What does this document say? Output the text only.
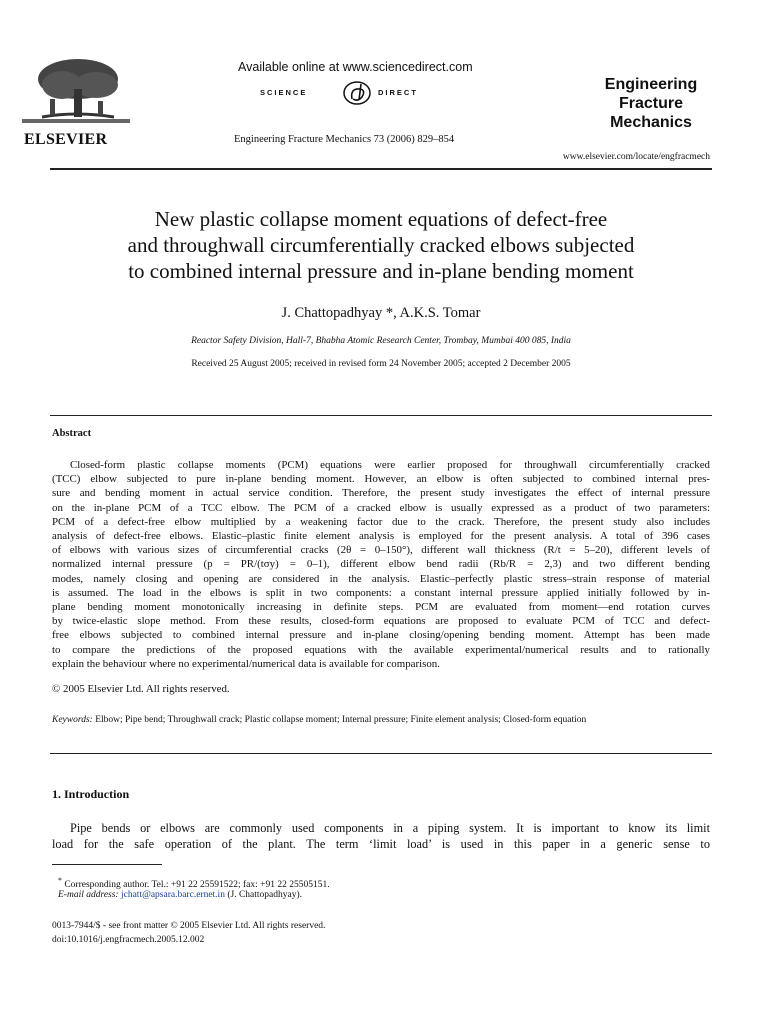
ELSEVIER
Available online at www.sciencedirect.com
SCIENCE	DIRECT
Engineering Fracture Mechanics 73 (2006) 829–854
Engineering
Fracture
Mechanics
www.elsevier.com/locate/engfracmech
New plastic collapse moment equations of defect-free
and throughwall circumferentially cracked elbows subjected
to combined internal pressure and in-plane bending moment
J. Chattopadhyay *, A.K.S. Tomar
Reactor Safety Division, Hall-7, Bhabha Atomic Research Center, Trombay, Mumbai 400 085, India
Received 25 August 2005; received in revised form 24 November 2005; accepted 2 December 2005
Abstract
Closed-form plastic collapse moments (PCM) equations were earlier proposed for throughwall circumferentially cracked
(TCC) elbow subjected to pure in-plane bending moment. However, an elbow is often subjected to combined internal pres-
sure and bending moment in actual service condition. Therefore, the present study investigates the effect of internal pressure
on the in-plane PCM of a TCC elbow. The PCM of a cracked elbow is usually expressed as a product of two parameters:
PCM of a defect-free elbow multiplied by a weakening factor due to the crack. Therefore, the present study also includes
analysis of defect-free elbows. Elastic–plastic finite element analysis is employed for the present analysis. A total of 396 cases
of elbows with various sizes of circumferential cracks (2θ = 0–150°), different wall thickness (R/t = 5–20), different levels of
normalized internal pressure (p = PR/(tσy) = 0–1), different elbow bend radii (Rb/R = 2,3) and two different bending
modes, namely closing and opening are considered in the analysis. Elastic–perfectly plastic stress–strain response of material
is assumed. The load in the elbows is split in two components: a constant internal pressure applied initially followed by in-
plane bending moment monotonically increasing in definite steps. PCM are evaluated from moment—end rotation curves
by twice-elastic slope method. From these results, closed-form equations are proposed to evaluate PCM of TCC and defect-
free elbows subjected to combined internal pressure and in-plane closing/opening bending moment. Attempt has been made
to compare the predictions of the proposed equations with the available experimental/numerical results and to rationally
explain the behaviour where no experimental/numerical data is available for comparison.
© 2005 Elsevier Ltd. All rights reserved.
Keywords: Elbow; Pipe bend; Throughwall crack; Plastic collapse moment; Internal pressure; Finite element analysis; Closed-form equation
1. Introduction
Pipe bends or elbows are commonly used components in a piping system. It is important to know its limit
load for the safe operation of the plant. The term ‘limit load’ is used in this paper in a generic sense to
* Corresponding author. Tel.: +91 22 25591522; fax: +91 22 25505151.
E-mail address: jchatt@apsara.barc.ernet.in (J. Chattopadhyay).
0013-7944/$ - see front matter © 2005 Elsevier Ltd. All rights reserved.
doi:10.1016/j.engfracmech.2005.12.002
